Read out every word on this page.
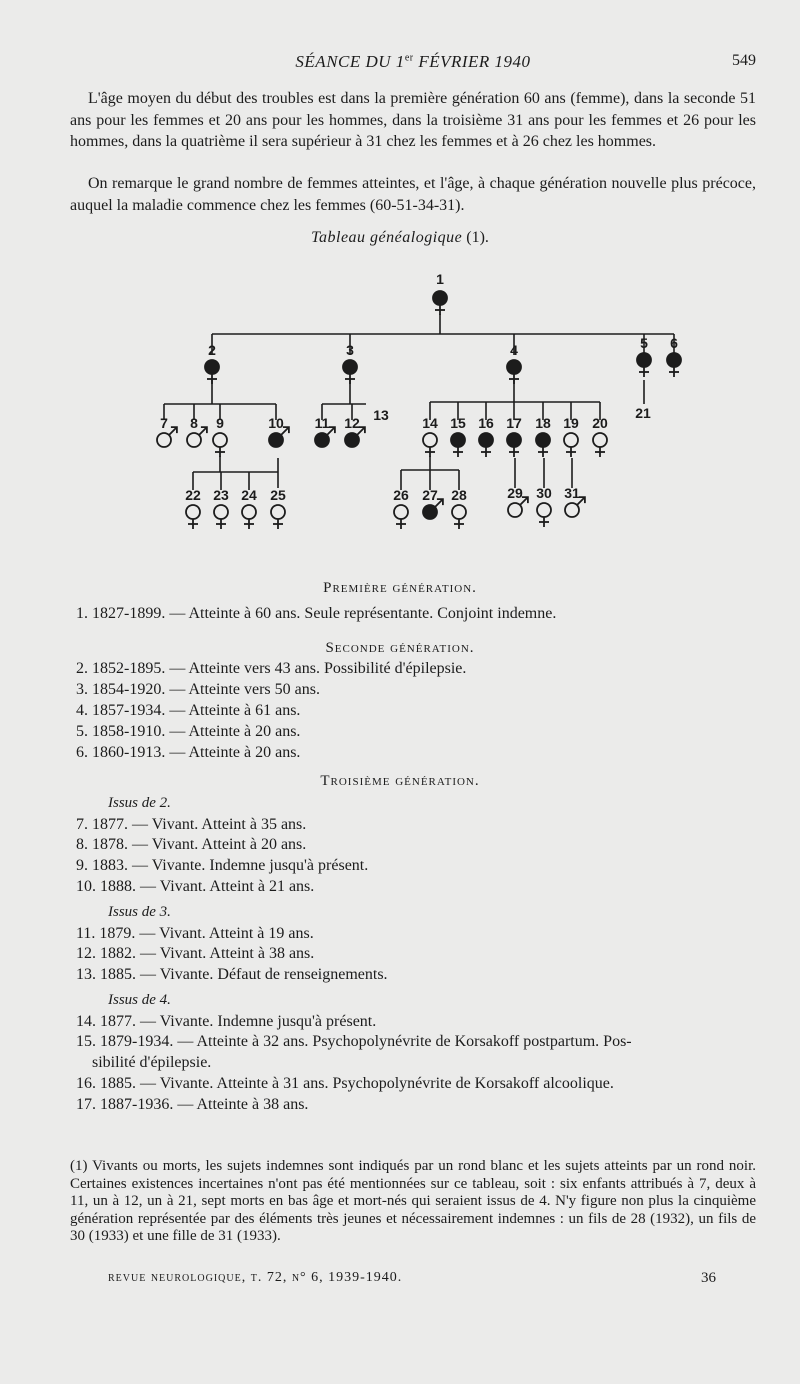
SÉANCE DU 1er FÉVRIER 1940	549

L'âge moyen du début des troubles est dans la première génération 60 ans (femme), dans la seconde 51 ans pour les femmes et 20 ans pour les hommes, dans la troisième 31 ans pour les femmes et 26 pour les hommes, dans la quatrième il sera supérieur à 31 chez les femmes et à 26 chez les hommes.

On remarque le grand nombre de femmes atteintes, et l'âge, à chaque génération nouvelle plus précoce, auquel la maladie commence chez les femmes (60-51-34-31).

Tableau généalogique (1).
1
2	3	4	5 6
7 8 9	10 11 12	14 15 16 17 18 19 20
22 23 24 25	26 27 28	29 30 31
13	21
Première génération.
1. 1827-1899. — Atteinte à 60 ans. Seule représentante. Conjoint indemne.
Seconde génération.
2. 1852-1895. — Atteinte vers 43 ans. Possibilité d'épilepsie.
3. 1854-1920. — Atteinte vers 50 ans.
4. 1857-1934. — Atteinte à 61 ans.
5. 1858-1910. — Atteinte à 20 ans.
6. 1860-1913. — Atteinte à 20 ans.
Troisième génération.
Issus de 2.
7. 1877. — Vivant. Atteint à 35 ans.
8. 1878. — Vivant. Atteint à 20 ans.
9. 1883. — Vivante. Indemne jusqu'à présent.
10. 1888. — Vivant. Atteint à 21 ans.
Issus de 3.
11. 1879. — Vivant. Atteint à 19 ans.
12. 1882. — Vivant. Atteint à 38 ans.
13. 1885. — Vivante. Défaut de renseignements.
Issus de 4.
14. 1877. — Vivante. Indemne jusqu'à présent.
15. 1879-1934. — Atteinte à 32 ans. Psychopolynévrite de Korsakoff postpartum. Pos-
sibilité d'épilepsie.
16. 1885. — Vivante. Atteinte à 31 ans. Psychopolynévrite de Korsakoff alcoolique.
17. 1887-1936. — Atteinte à 38 ans.

(1) Vivants ou morts, les sujets indemnes sont indiqués par un rond blanc et les sujets atteints par un rond noir. Certaines existences incertaines n'ont pas été mentionnées sur ce tableau, soit : six enfants attribués à 7, deux à 11, un à 12, un à 21, sept morts en bas âge et mort-nés qui seraient issus de 4. N'y figure non plus la cinquième génération représentée par des éléments très jeunes et nécessairement indemnes : un fils de 28 (1932), un fils de 30 (1933) et une fille de 31 (1933).

revue neurologique, t. 72, n° 6, 1939-1940.	36
